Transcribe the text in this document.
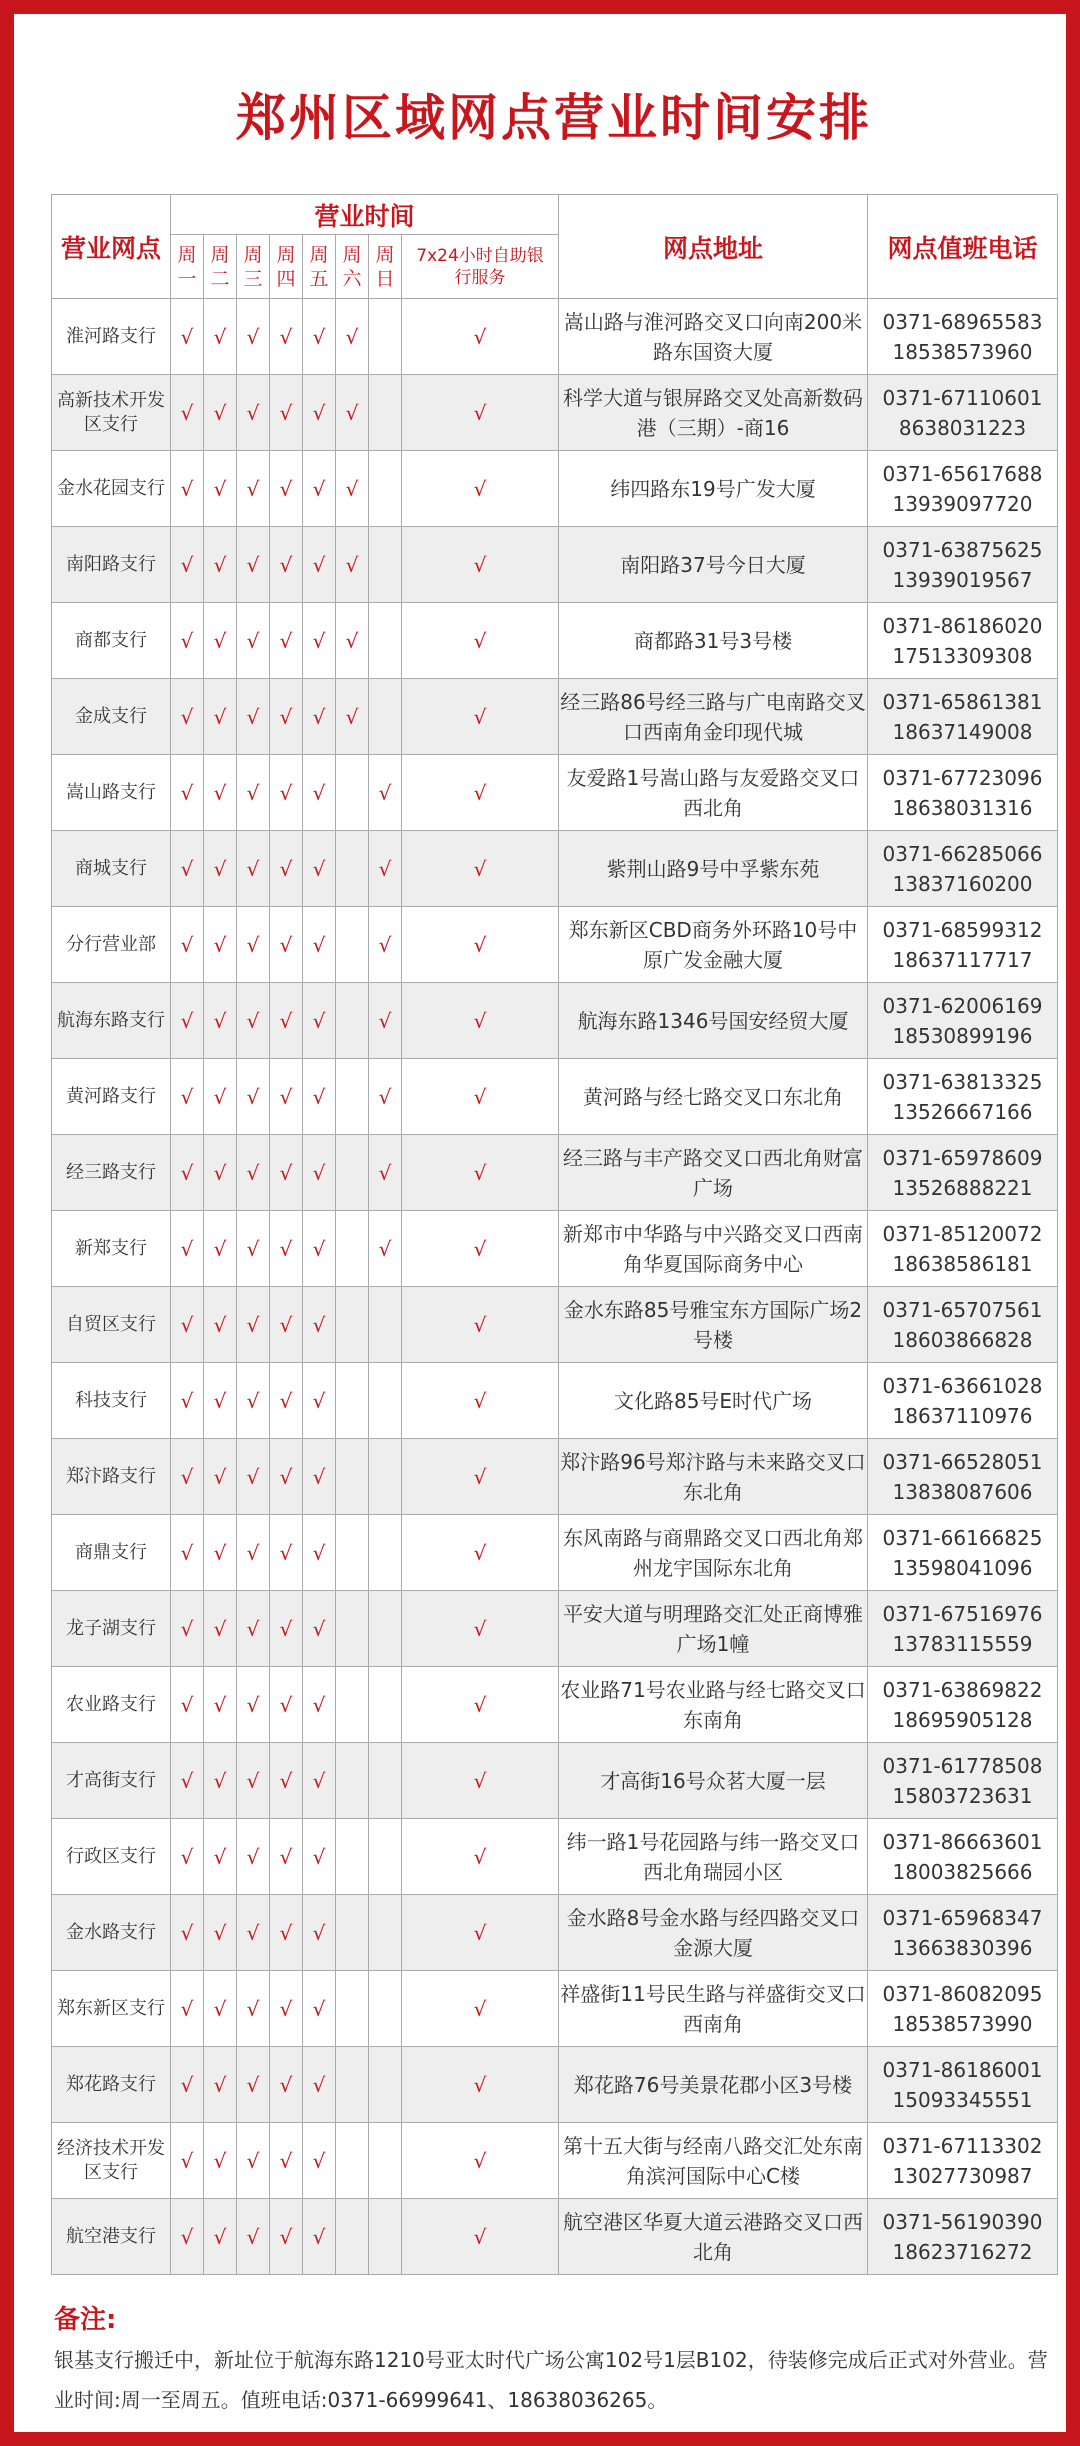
郑州区域网点营业时间安排
营业网点	营业时间								网点地址	网点值班电话
	周一	周二	周三	周四	周五	周六	周日	7x24小时自助银行服务		
淮河路支行	√	√	√	√	√	√		√	嵩山路与淮河路交叉口向南200米路东国资大厦	0371-68965583
18538573960

高新技术开发区支行	√	√	√	√	√	√		√	科学大道与银屏路交叉处高新数码港（三期）-商16	0371-67110601
8638031223

金水花园支行	√	√	√	√	√	√		√	纬四路东19号广发大厦	0371-65617688
13939097720

南阳路支行	√	√	√	√	√	√		√	南阳路37号今日大厦	0371-63875625
13939019567

商都支行	√	√	√	√	√	√		√	商都路31号3号楼	0371-86186020
17513309308

金成支行	√	√	√	√	√	√		√	经三路86号经三路与广电南路交叉口西南角金印现代城	0371-65861381
18637149008

嵩山路支行	√	√	√	√	√		√	√	友爱路1号嵩山路与友爱路交叉口西北角	0371-67723096
18638031316

商城支行	√	√	√	√	√		√	√	紫荆山路9号中孚紫东苑	0371-66285066
13837160200

分行营业部	√	√	√	√	√		√	√	郑东新区CBD商务外环路10号中原广发金融大厦	0371-68599312
18637117717

航海东路支行	√	√	√	√	√		√	√	航海东路1346号国安经贸大厦	0371-62006169
18530899196

黄河路支行	√	√	√	√	√		√	√	黄河路与经七路交叉口东北角	0371-63813325
13526667166

经三路支行	√	√	√	√	√		√	√	经三路与丰产路交叉口西北角财富广场	0371-65978609
13526888221

新郑支行	√	√	√	√	√		√	√	新郑市中华路与中兴路交叉口西南角华夏国际商务中心	0371-85120072
18638586181

自贸区支行	√	√	√	√	√			√	金水东路85号雅宝东方国际广场2号楼	0371-65707561
18603866828

科技支行	√	√	√	√	√			√	文化路85号E时代广场	0371-63661028
18637110976

郑汴路支行	√	√	√	√	√			√	郑汴路96号郑汴路与未来路交叉口东北角	0371-66528051
13838087606

商鼎支行	√	√	√	√	√			√	东风南路与商鼎路交叉口西北角郑州龙宇国际东北角	0371-66166825
13598041096

龙子湖支行	√	√	√	√	√			√	平安大道与明理路交汇处正商博雅广场1幢	0371-67516976
13783115559

农业路支行	√	√	√	√	√			√	农业路71号农业路与经七路交叉口东南角	0371-63869822
18695905128

才高街支行	√	√	√	√	√			√	才高街16号众茗大厦一层	0371-61778508
15803723631

行政区支行	√	√	√	√	√			√	纬一路1号花园路与纬一路交叉口西北角瑞园小区	0371-86663601
18003825666

金水路支行	√	√	√	√	√			√	金水路8号金水路与经四路交叉口金源大厦	0371-65968347
13663830396

郑东新区支行	√	√	√	√	√			√	祥盛街11号民生路与祥盛街交叉口西南角	0371-86082095
18538573990

郑花路支行	√	√	√	√	√			√	郑花路76号美景花郡小区3号楼	0371-86186001
15093345551

经济技术开发区支行	√	√	√	√	√			√	第十五大街与经南八路交汇处东南角滨河国际中心C楼	0371-67113302
13027730987

航空港支行	√	√	√	√	√			√	航空港区华夏大道云港路交叉口西北角	0371-56190390
18623716272
备注:
银基支行搬迁中，新址位于航海东路1210号亚太时代广场公寓102号1层B102，待装修完成后正式对外营业。营业时间:周一至周五。值班电话:0371-66999641、18638036265。
